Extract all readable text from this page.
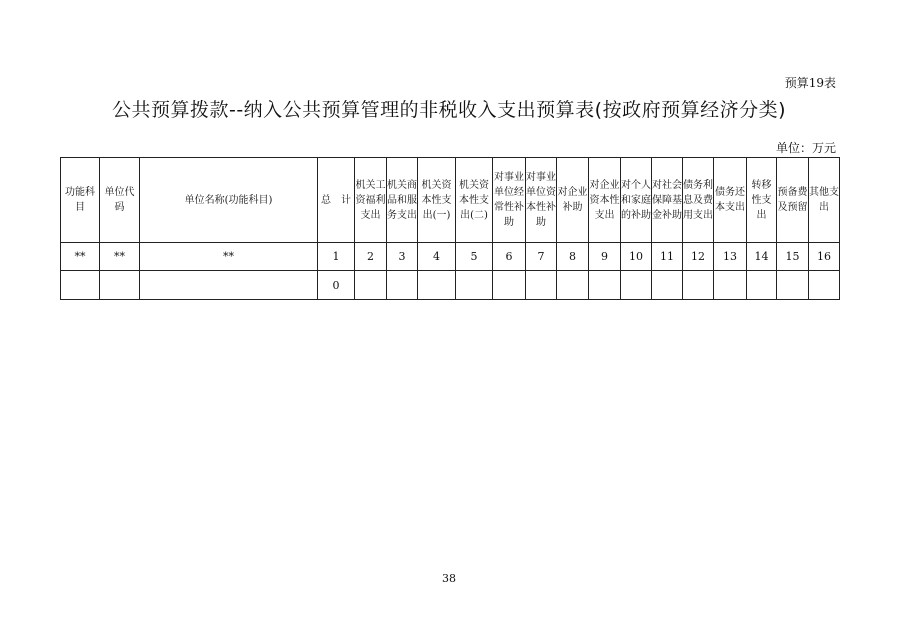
预算19表
公共预算拨款--纳入公共预算管理的非税收入支出预算表(按政府预算经济分类)
单位：万元
功能科目	单位代码	单位名称(功能科目)	总　计	机关工资福利支出	机关商品和服务支出	机关资本性支出(一)	机关资本性支出(二)	对事业单位经常性补助	对事业单位资本性补助	对企业补助	对企业资本性支出	对个人和家庭的补助	对社会保障基金补助	债务利息及费用支出	债务还本支出	转移性支出	预备费及预留	其他支出
**	**	**	1	2	3	4	5	6	7	8	9	10	11	12	13	14	15	16
			0															
38
